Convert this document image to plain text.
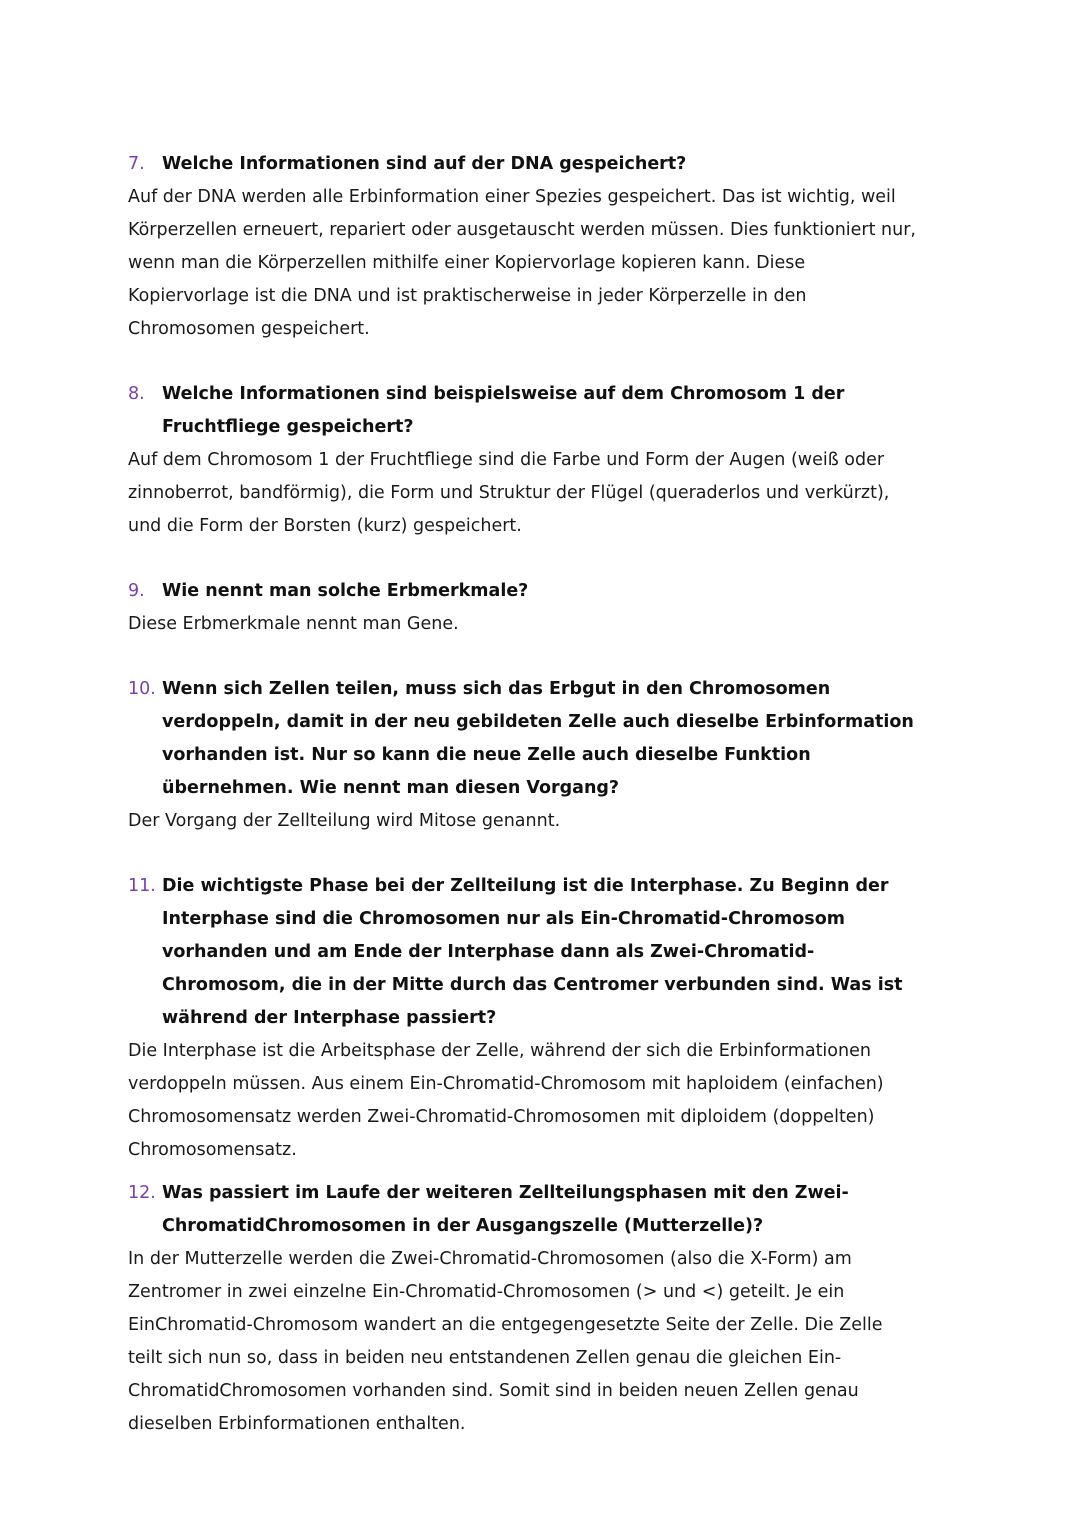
7. Welche Informationen sind auf der DNA gespeichert?
Auf der DNA werden alle Erbinformation einer Spezies gespeichert. Das ist wichtig, weil
Körperzellen erneuert, repariert oder ausgetauscht werden müssen. Dies funktioniert nur,
wenn man die Körperzellen mithilfe einer Kopiervorlage kopieren kann. Diese
Kopiervorlage ist die DNA und ist praktischerweise in jeder Körperzelle in den
Chromosomen gespeichert.
8. Welche Informationen sind beispielsweise auf dem Chromosom 1 der
Fruchtfliege gespeichert?
Auf dem Chromosom 1 der Fruchtfliege sind die Farbe und Form der Augen (weiß oder
zinnoberrot, bandförmig), die Form und Struktur der Flügel (queraderlos und verkürzt),
und die Form der Borsten (kurz) gespeichert.
9. Wie nennt man solche Erbmerkmale?
Diese Erbmerkmale nennt man Gene.
10. Wenn sich Zellen teilen, muss sich das Erbgut in den Chromosomen
verdoppeln, damit in der neu gebildeten Zelle auch dieselbe Erbinformation
vorhanden ist. Nur so kann die neue Zelle auch dieselbe Funktion
übernehmen. Wie nennt man diesen Vorgang?
Der Vorgang der Zellteilung wird Mitose genannt.
11. Die wichtigste Phase bei der Zellteilung ist die Interphase. Zu Beginn der
Interphase sind die Chromosomen nur als Ein-Chromatid-Chromosom
vorhanden und am Ende der Interphase dann als Zwei-Chromatid-
Chromosom, die in der Mitte durch das Centromer verbunden sind. Was ist
während der Interphase passiert?
Die Interphase ist die Arbeitsphase der Zelle, während der sich die Erbinformationen
verdoppeln müssen. Aus einem Ein-Chromatid-Chromosom mit haploidem (einfachen)
Chromosomensatz werden Zwei-Chromatid-Chromosomen mit diploidem (doppelten)
Chromosomensatz.
12. Was passiert im Laufe der weiteren Zellteilungsphasen mit den Zwei-
ChromatidChromosomen in der Ausgangszelle (Mutterzelle)?
In der Mutterzelle werden die Zwei-Chromatid-Chromosomen (also die X-Form) am
Zentromer in zwei einzelne Ein-Chromatid-Chromosomen (> und <) geteilt. Je ein
EinChromatid-Chromosom wandert an die entgegengesetzte Seite der Zelle. Die Zelle
teilt sich nun so, dass in beiden neu entstandenen Zellen genau die gleichen Ein-
ChromatidChromosomen vorhanden sind. Somit sind in beiden neuen Zellen genau
dieselben Erbinformationen enthalten.
